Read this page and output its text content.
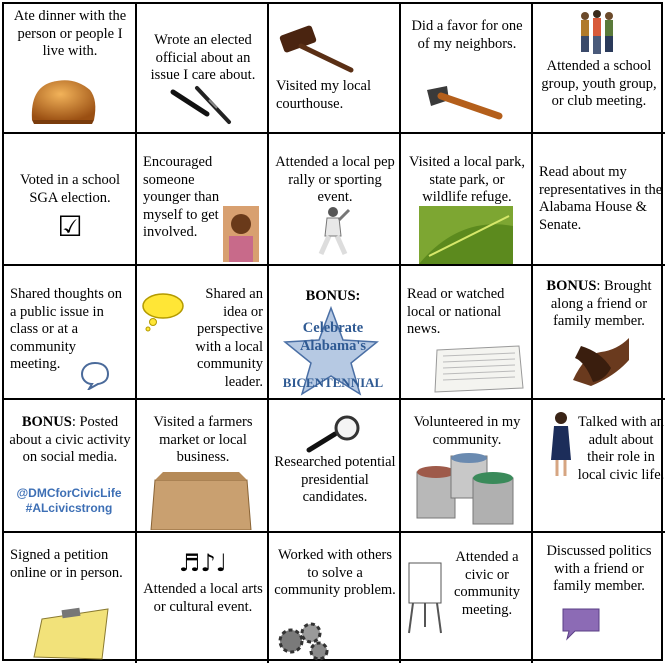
Ate dinner with the person or people I live with.
Wrote an elected official about an issue I care about.
Visited my local courthouse.
Did a favor for one of my neighbors.
Attended a school group, youth group, or club meeting.
Voted in a school SGA election.
☑
Encouraged someone younger than myself to get involved.
Attended a local pep rally or sporting event.
Visited a local park, state park, or wildlife refuge.
Read about my representatives in the Alabama House & Senate.
Shared thoughts on a public issue in class or at a community meeting.
Shared an idea or perspective with a local community leader.
BONUS:
Celebrate
Alabama's
BICENTENNIAL
Read or watched local or national news.
BONUS: Brought along a friend or family member.
BONUS: Posted about a civic activity on social media.
@DMCforCivicLife
#ALcivicstrong
Visited a farmers market or local business.	Researched potential presidential candidates.
Volunteered in my community.
Talked with an adult about their role in local civic life.
Signed a petition online or in person.	♬♪♩
Attended a local arts or cultural event.
Worked with others to solve a community problem.
Attended a civic or community meeting.
Discussed politics with a friend or family member.
